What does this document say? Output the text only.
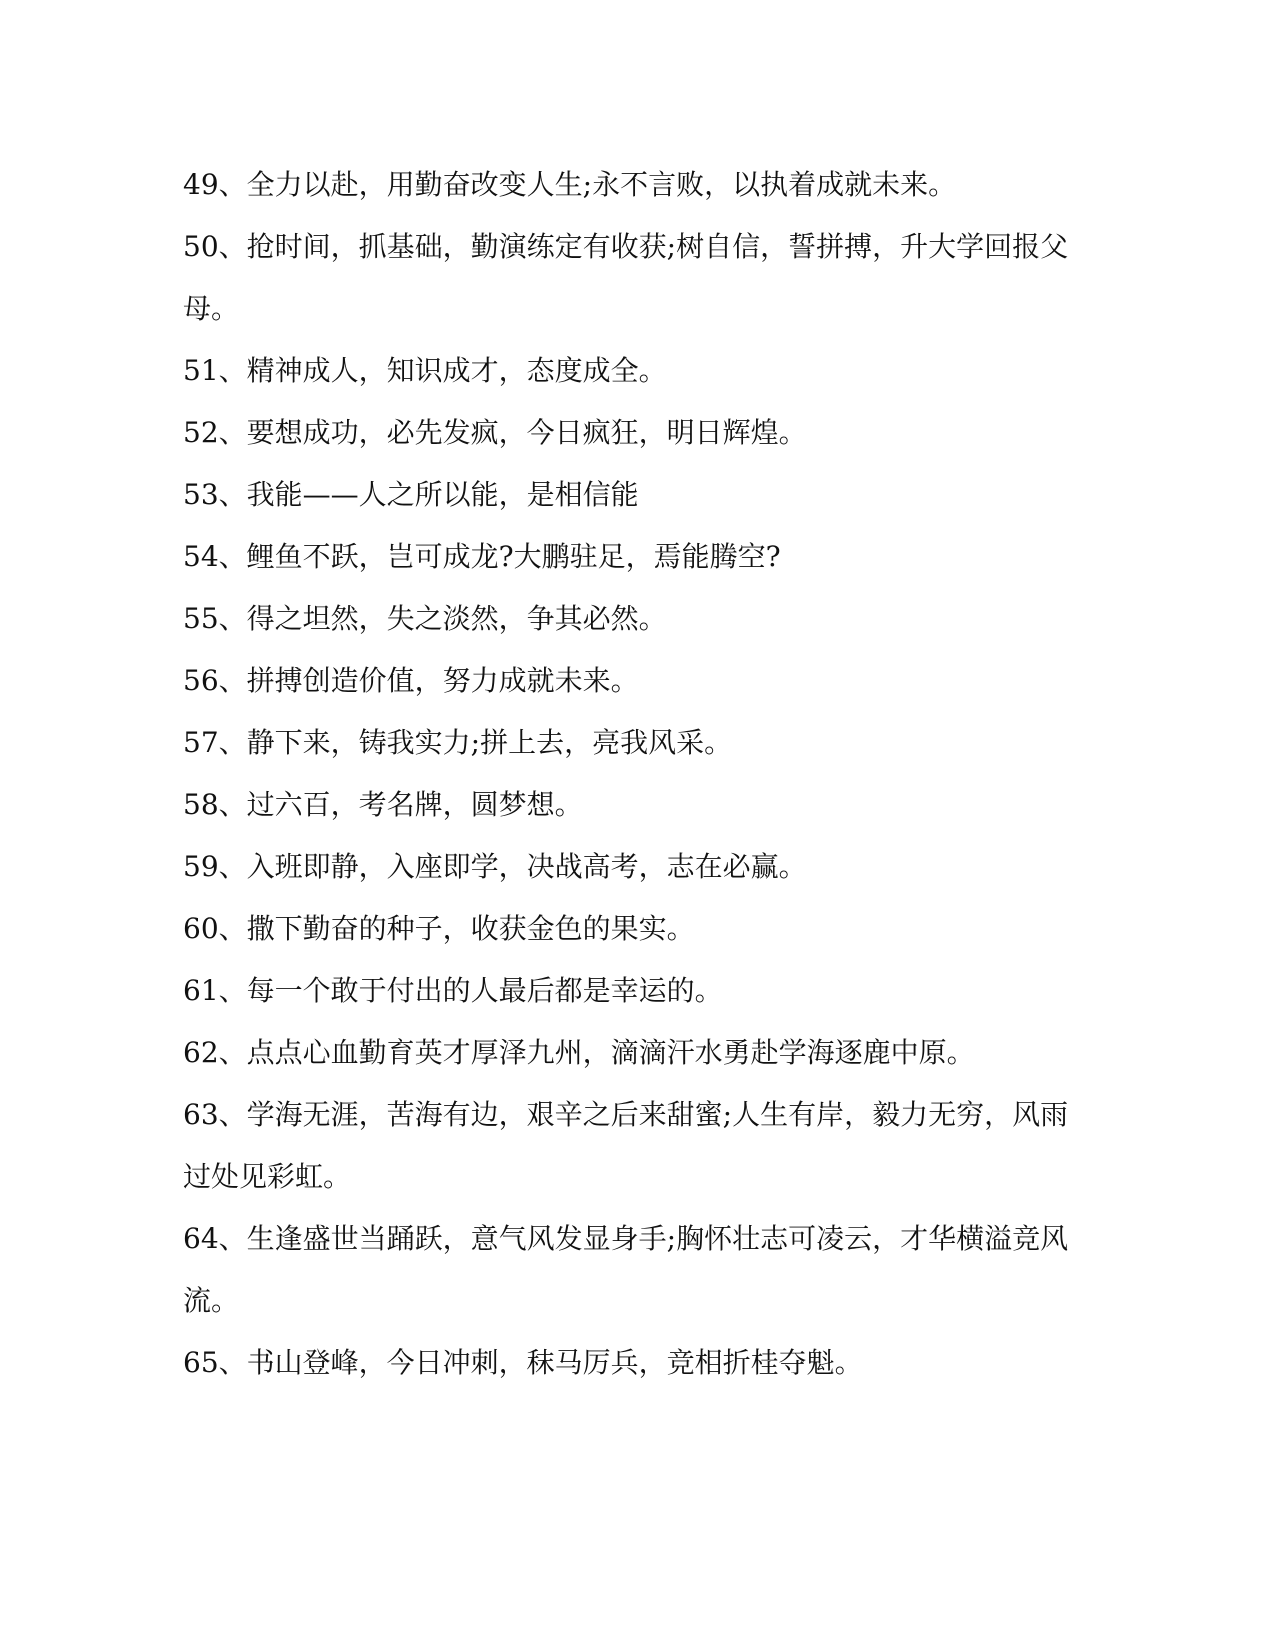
49、全力以赴，用勤奋改变人生;永不言败，以执着成就未来。

50、抢时间，抓基础，勤演练定有收获;树自信，誓拼搏，升大学回报父母。

51、精神成人，知识成才，态度成全。

52、要想成功，必先发疯，今日疯狂，明日辉煌。

53、我能——人之所以能，是相信能

54、鲤鱼不跃，岂可成龙?大鹏驻足，焉能腾空?

55、得之坦然，失之淡然，争其必然。

56、拼搏创造价值，努力成就未来。

57、静下来，铸我实力;拼上去，亮我风采。

58、过六百，考名牌，圆梦想。

59、入班即静，入座即学，决战高考，志在必赢。

60、撒下勤奋的种子，收获金色的果实。

61、每一个敢于付出的人最后都是幸运的。

62、点点心血勤育英才厚泽九州，滴滴汗水勇赴学海逐鹿中原。

63、学海无涯，苦海有边，艰辛之后来甜蜜;人生有岸，毅力无穷，风雨过处见彩虹。

64、生逢盛世当踊跃，意气风发显身手;胸怀壮志可凌云，才华横溢竞风流。

65、书山登峰，今日冲刺，秣马厉兵，竞相折桂夺魁。
